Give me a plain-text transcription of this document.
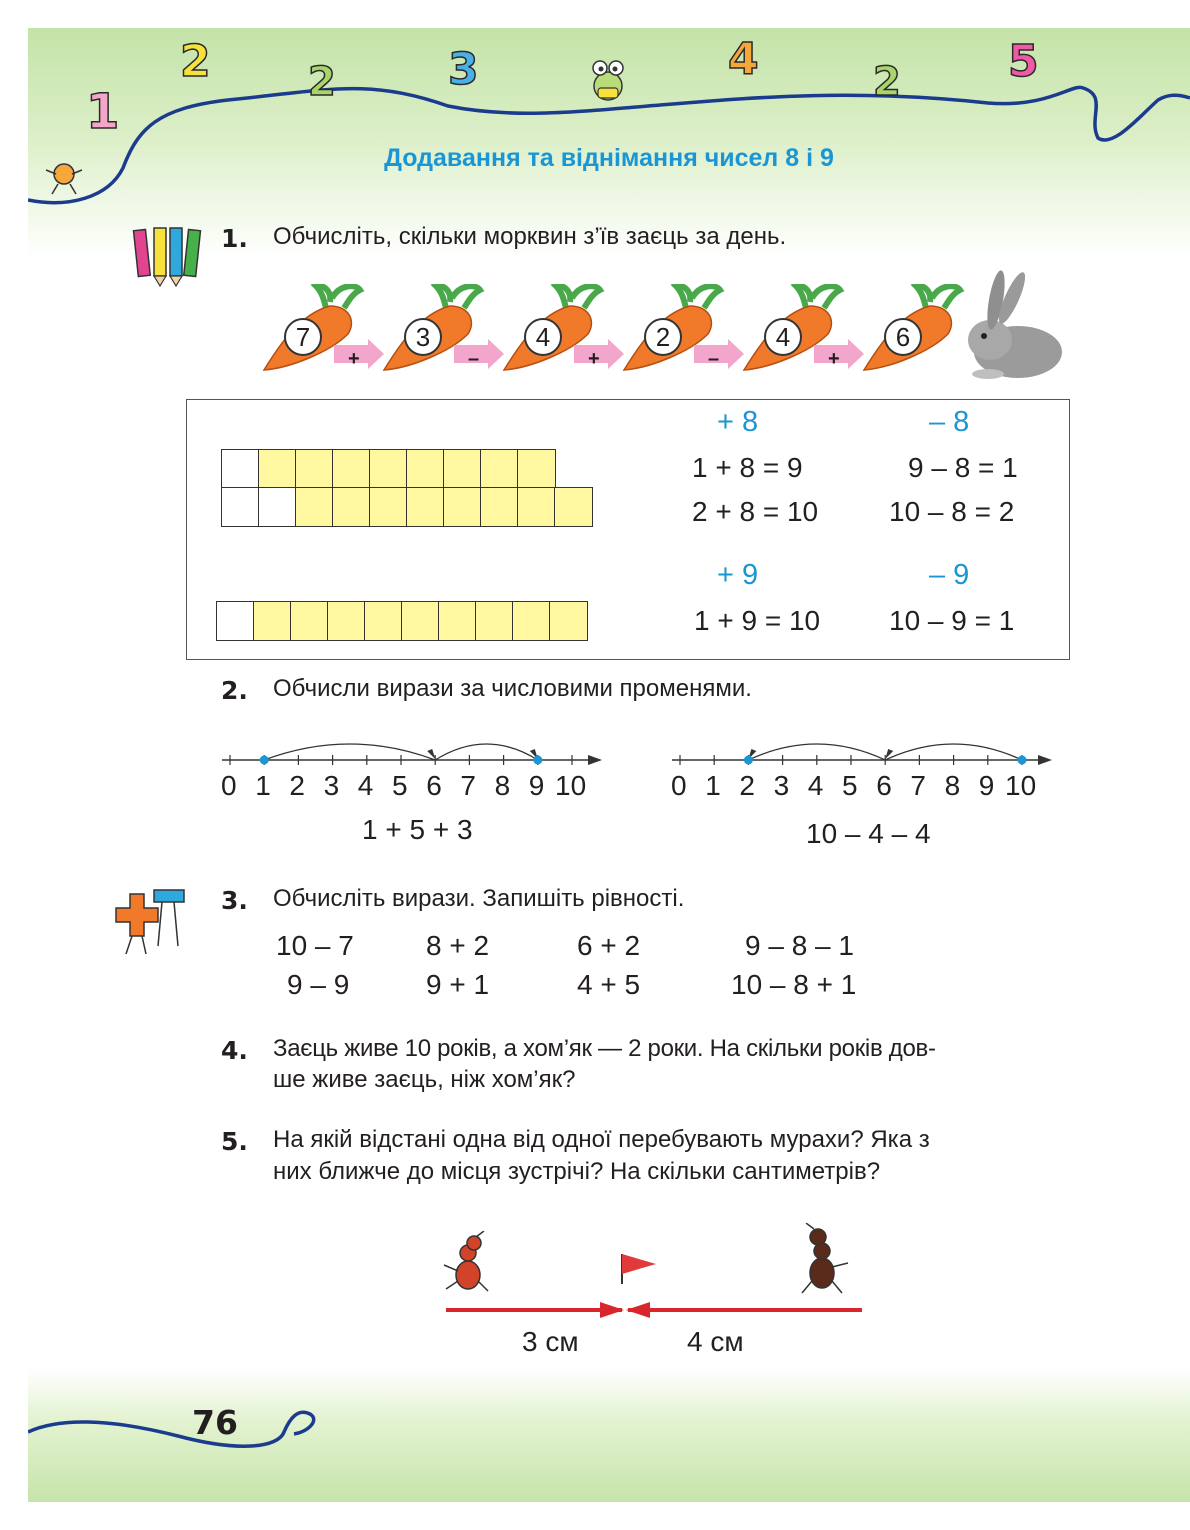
1
2 2	3	4	2 5
Додавання та віднімання чисел 8 і 9
1. Обчисліть, скільки морквин з’їв заєць за день.
7
+
3
–
4
+
2
–
4
+
6
+ 8	– 8
1 + 8 = 9	9 – 8 = 1
2 + 8 = 10	10 – 8 = 2
+ 9	– 9
1 + 9 = 10 10 – 9 = 1
2. Обчисли вирази за числовими променями.
0 1 2 3 4 5 6 7 8 9 10
1 + 5 + 3
0 1 2 3 4 5 6 7 8 9 10
10 – 4 – 4
3. Обчисліть вирази. Запишіть рівності.
10 – 7	8 + 2	6 + 2	9 – 8 – 1
9 – 9	9 + 1	4 + 5	10 – 8 + 1
4. Заєць живе 10 років, а хом’як — 2 роки. На скільки років дов-
ше живе заєць, ніж хом’як?
5. На якій відстані одна від одної перебувають мурахи? Яка з
них ближче до місця зустрічі? На скільки сантиметрів?
3 см	4 см
76
